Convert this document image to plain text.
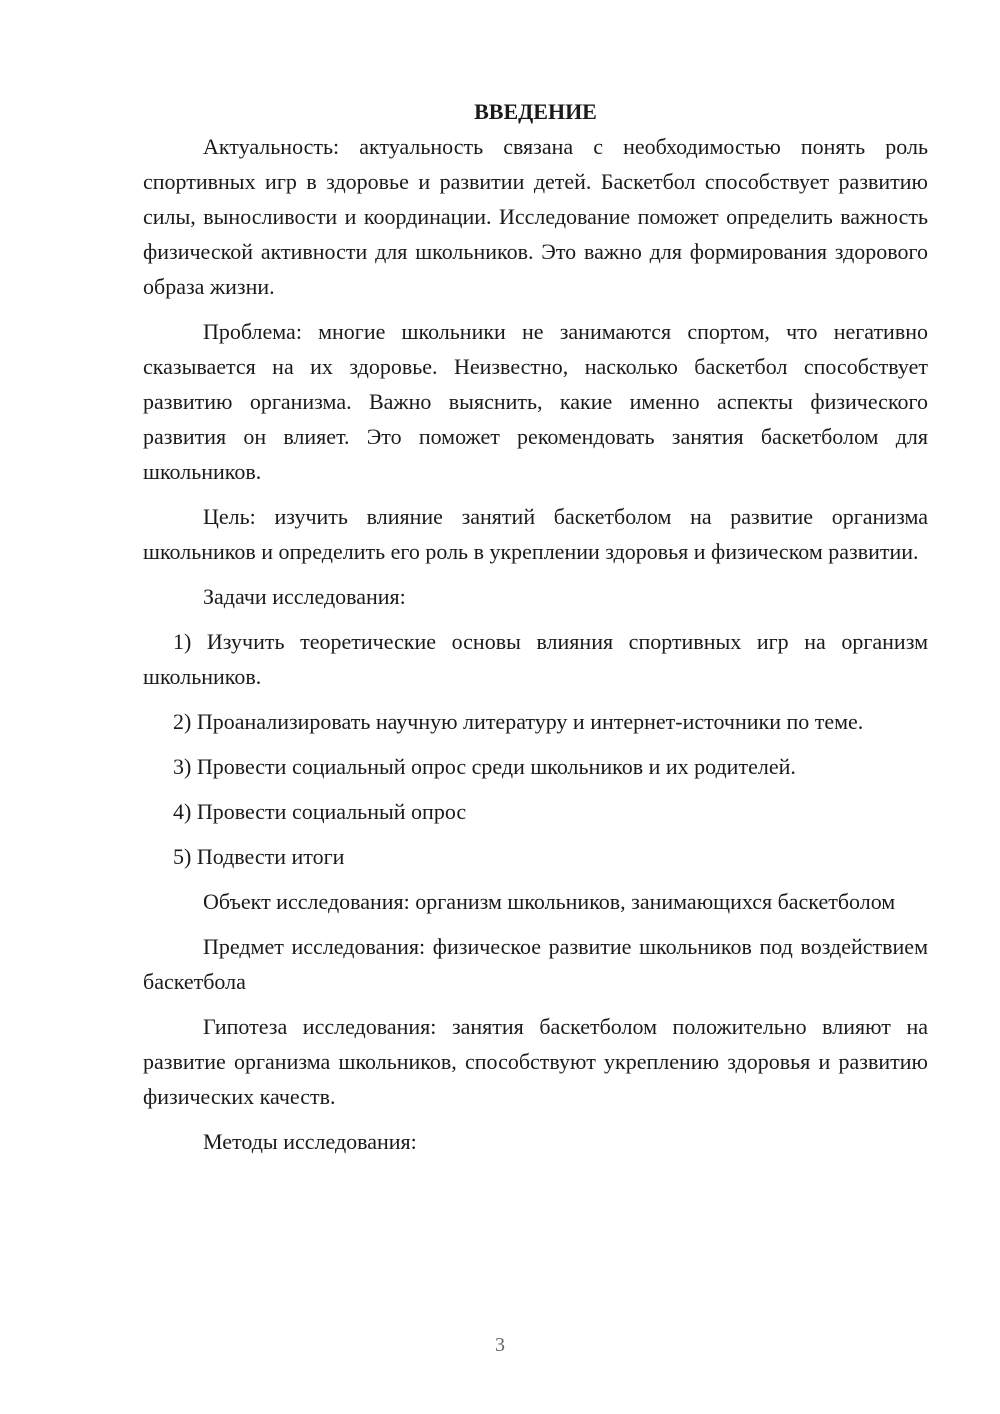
ВВЕДЕНИЕ

Актуальность: актуальность связана с необходимостью понять роль спортивных игр в здоровье и развитии детей. Баскетбол способствует развитию силы, выносливости и координации. Исследование поможет определить важность физической активности для школьников. Это важно для формирования здорового образа жизни.

Проблема: многие школьники не занимаются спортом, что негативно сказывается на их здоровье. Неизвестно, насколько баскетбол способствует развитию организма. Важно выяснить, какие именно аспекты физического развития он влияет. Это поможет рекомендовать занятия баскетболом для школьников.

Цель: изучить влияние занятий баскетболом на развитие организма школьников и определить его роль в укреплении здоровья и физическом развитии.

Задачи исследования:

1) Изучить теоретические основы влияния спортивных игр на организм школьников.

2) Проанализировать научную литературу и интернет-источники по теме.

3) Провести социальный опрос среди школьников и их родителей.

4) Провести социальный опрос

5) Подвести итоги

Объект исследования: организм школьников, занимающихся баскетболом

Предмет исследования: физическое развитие школьников под воздействием баскетбола

Гипотеза исследования: занятия баскетболом положительно влияют на развитие организма школьников, способствуют укреплению здоровья и развитию физических качеств.

Методы исследования:

3
